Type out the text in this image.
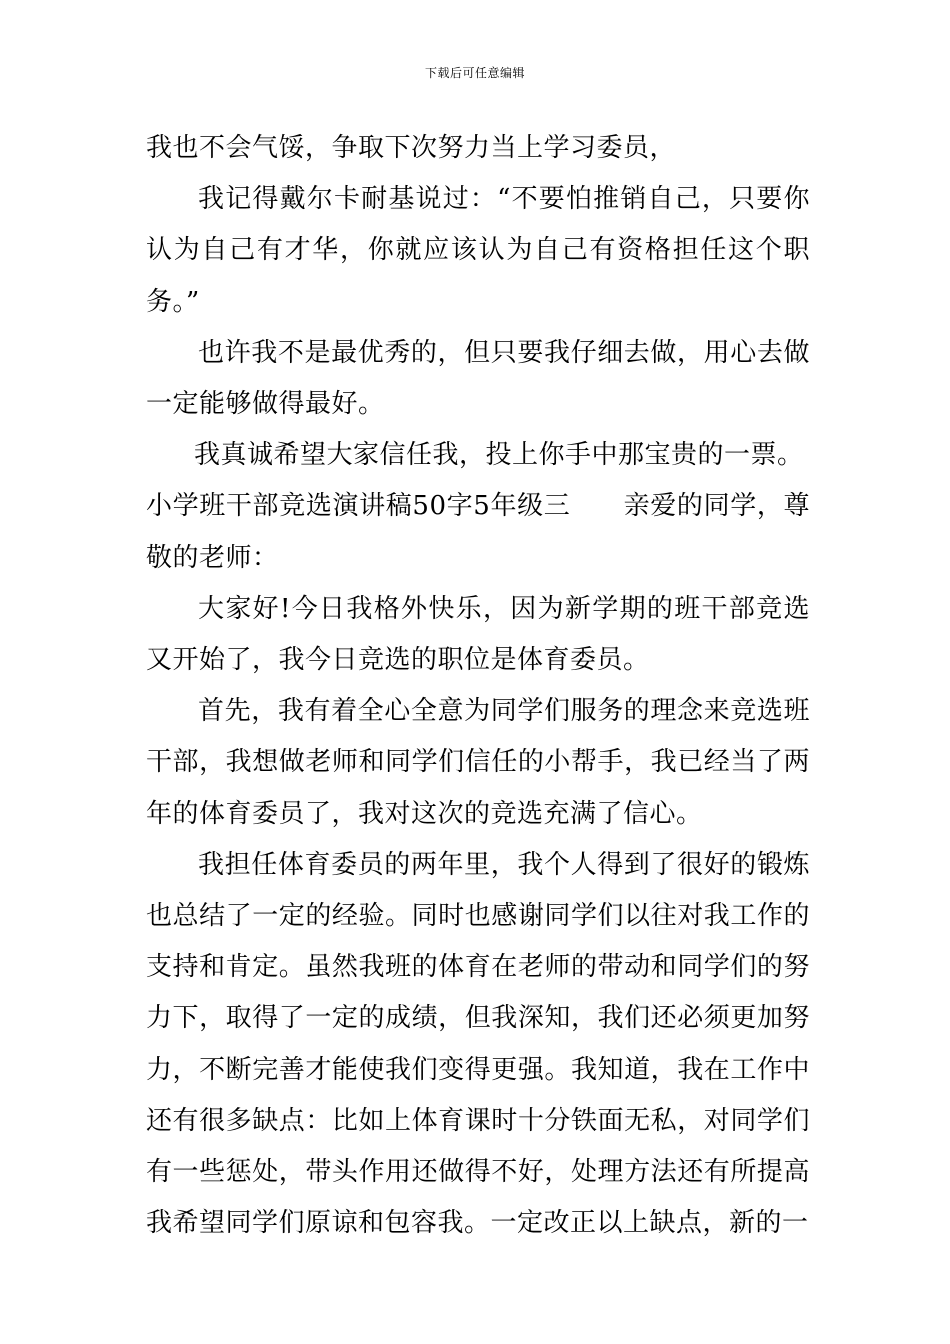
下载后可任意编辑

我也不会气馁，争取下次努力当上学习委员，

我记得戴尔卡耐基说过：“不要怕推销自己，只要你认为自己有才华，你就应该认为自己有资格担任这个职务。”

也许我不是最优秀的，但只要我仔细去做，用心去做一定能够做得最好。

我真诚希望大家信任我，投上你手中那宝贵的一票。

小学班干部竞选演讲稿50字5年级三　　亲爱的同学，尊敬的老师：

大家好!今日我格外快乐，因为新学期的班干部竞选又开始了，我今日竞选的职位是体育委员。

首先，我有着全心全意为同学们服务的理念来竞选班干部，我想做老师和同学们信任的小帮手，我已经当了两年的体育委员了，我对这次的竞选充满了信心。

我担任体育委员的两年里，我个人得到了很好的锻炼也总结了一定的经验。同时也感谢同学们以往对我工作的支持和肯定。虽然我班的体育在老师的带动和同学们的努力下，取得了一定的成绩，但我深知，我们还必须更加努力，不断完善才能使我们变得更强。我知道，我在工作中还有很多缺点：比如上体育课时十分铁面无私，对同学们有一些惩处，带头作用还做得不好，处理方法还有所提高我希望同学们原谅和包容我。一定改正以上缺点，新的一
